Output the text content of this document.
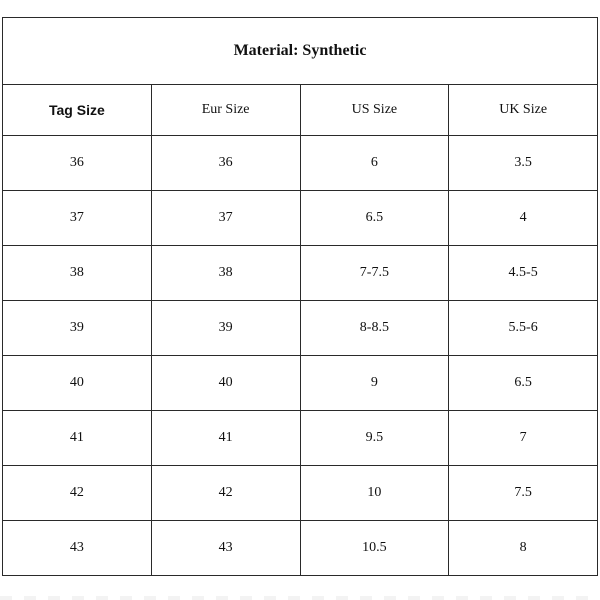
Material: Synthetic			
Tag Size	Eur Size	US Size	UK Size
36	36	6	3.5
37	37	6.5	4
38	38	7-7.5	4.5-5
39	39	8-8.5	5.5-6
40	40	9	6.5
41	41	9.5	7
42	42	10	7.5
43	43	10.5	8
